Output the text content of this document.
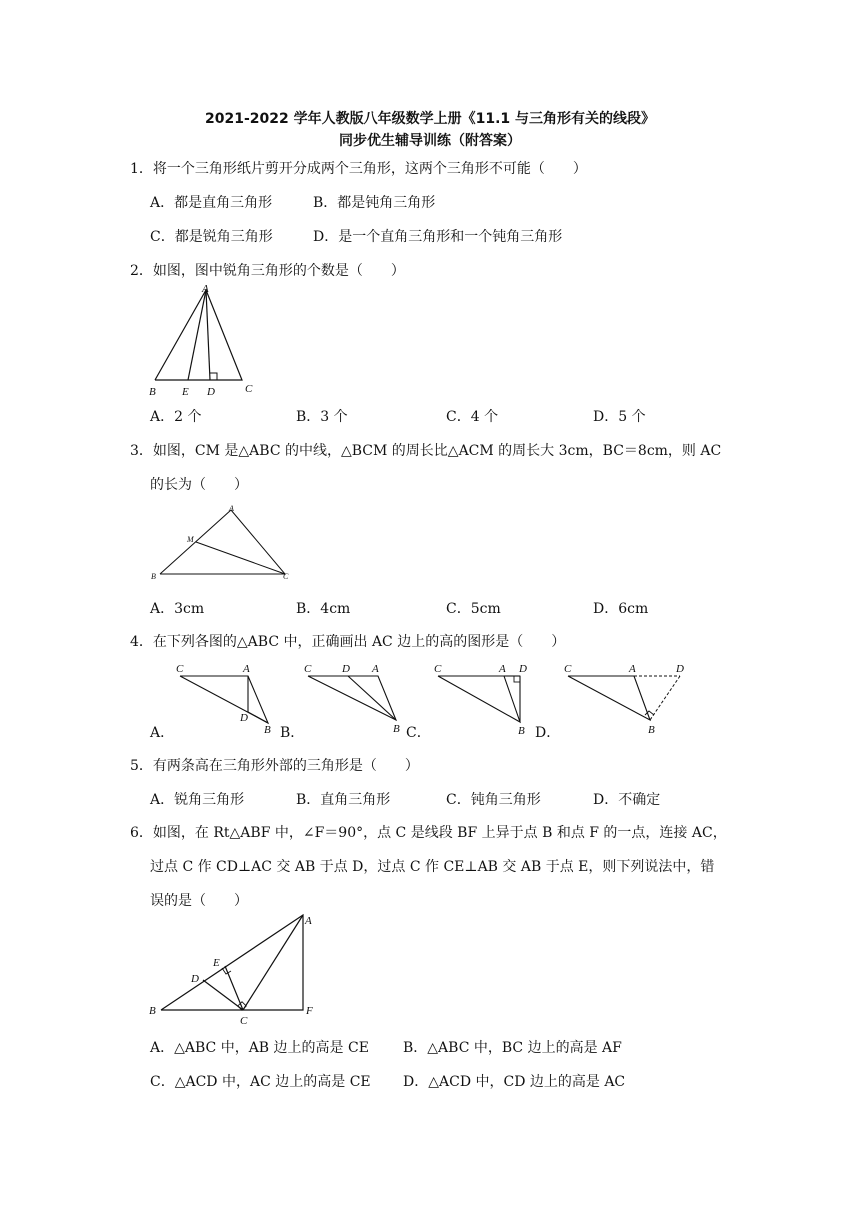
2021-2022 学年人教版八年级数学上册《11.1 与三角形有关的线段》
同步优生辅导训练（附答案）
1．将一个三角形纸片剪开分成两个三角形，这两个三角形不可能（　　）
A．都是直角三角形	B．都是钝角三角形
C．都是锐角三角形	D．是一个直角三角形和一个钝角三角形
2．如图，图中锐角三角形的个数是（　　）
A
B E D	C
A．2 个	B．3 个	C．4 个	D．5 个
3．如图，CM 是△ABC 的中线，△BCM 的周长比△ACM 的周长大 3cm，BC＝8cm，则 AC
的长为（　　）
A
M
B	C
A．3cm	B．4cm	C．5cm	D．6cm
4．在下列各图的△ABC 中，正确画出 AC 边上的高的图形是（　　）
A．
C	A
D
B B．
C	D A
B C．
C	A D
B D．
C	A	D
B
5．有两条高在三角形外部的三角形是（　　）
A．锐角三角形	B．直角三角形	C．钝角三角形	D．不确定
6．如图，在 Rt△ABF 中，∠F＝90°，点 C 是线段 BF 上异于点 B 和点 F 的一点，连接 AC，
过点 C 作 CD⊥AC 交 AB 于点 D，过点 C 作 CE⊥AB 交 AB 于点 E，则下列说法中，错
误的是（　　）
A
E
D
B
C
F
A．△ABC 中，AB 边上的高是 CE B．△ABC 中，BC 边上的高是 AF
C．△ACD 中，AC 边上的高是 CE D．△ACD 中，CD 边上的高是 AC
